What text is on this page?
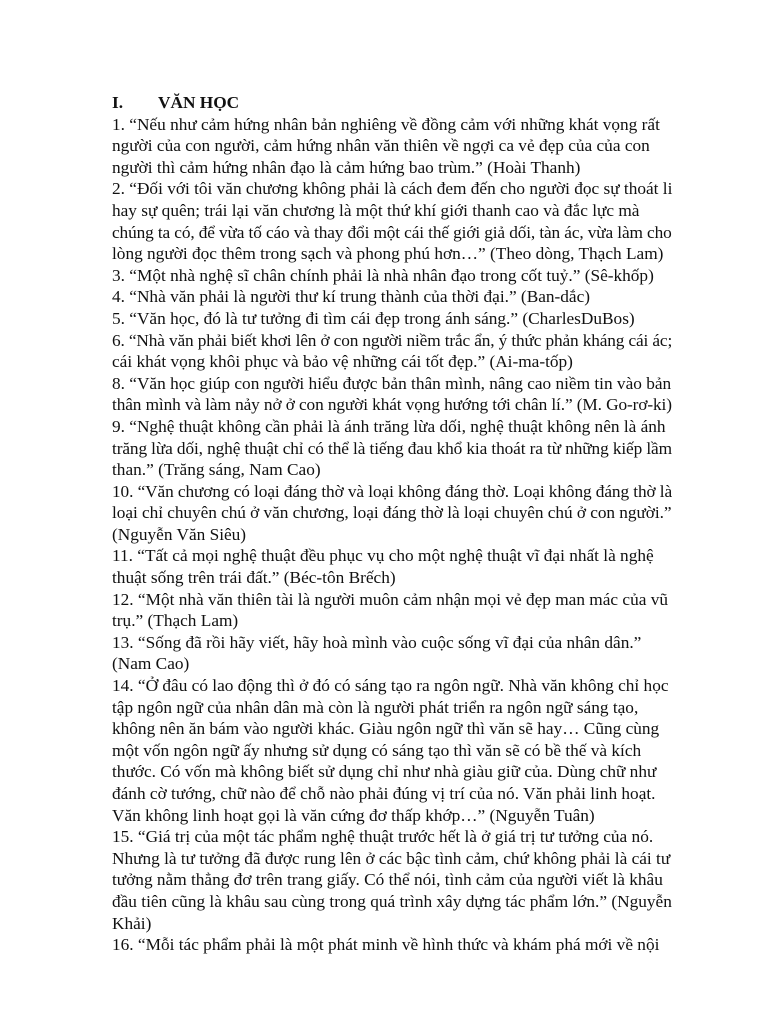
I. VĂN HỌC
1. “Nếu như cảm hứng nhân bản nghiêng về đồng cảm với những khát vọng rất
người của con người, cảm hứng nhân văn thiên về ngợi ca vẻ đẹp của của con
người thì cảm hứng nhân đạo là cảm hứng bao trùm.” (Hoài Thanh)
2. “Đối với tôi văn chương không phải là cách đem đến cho người đọc sự thoát li
hay sự quên; trái lại văn chương là một thứ khí giới thanh cao và đắc lực mà
chúng ta có, để vừa tố cáo và thay đổi một cái thế giới giả dối, tàn ác, vừa làm cho
lòng người đọc thêm trong sạch và phong phú hơn…” (Theo dòng, Thạch Lam)
3. “Một nhà nghệ sĩ chân chính phải là nhà nhân đạo trong cốt tuỷ.” (Sê-khốp)
4. “Nhà văn phải là người thư kí trung thành của thời đại.” (Ban-dắc)
5. “Văn học, đó là tư tưởng đi tìm cái đẹp trong ánh sáng.” (CharlesDuBos)
6. “Nhà văn phải biết khơi lên ở con người niềm trắc ẩn, ý thức phản kháng cái ác;
cái khát vọng khôi phục và bảo vệ những cái tốt đẹp.” (Ai-ma-tốp)
8. “Văn học giúp con người hiểu được bản thân mình, nâng cao niềm tin vào bản
thân mình và làm nảy nở ở con người khát vọng hướng tới chân lí.” (M. Go-rơ-ki)
9. “Nghệ thuật không cần phải là ánh trăng lừa dối, nghệ thuật không nên là ánh
trăng lừa dối, nghệ thuật chỉ có thể là tiếng đau khổ kia thoát ra từ những kiếp lầm
than.” (Trăng sáng, Nam Cao)
10. “Văn chương có loại đáng thờ và loại không đáng thờ. Loại không đáng thờ là
loại chỉ chuyên chú ở văn chương, loại đáng thờ là loại chuyên chú ở con người.”
(Nguyễn Văn Siêu)
11. “Tất cả mọi nghệ thuật đều phục vụ cho một nghệ thuật vĩ đại nhất là nghệ
thuật sống trên trái đất.” (Béc-tôn Brếch)
12. “Một nhà văn thiên tài là người muôn cảm nhận mọi vẻ đẹp man mác của vũ
trụ.” (Thạch Lam)
13. “Sống đã rồi hãy viết, hãy hoà mình vào cuộc sống vĩ đại của nhân dân.”
(Nam Cao)
14. “Ở đâu có lao động thì ở đó có sáng tạo ra ngôn ngữ. Nhà văn không chỉ học
tập ngôn ngữ của nhân dân mà còn là người phát triển ra ngôn ngữ sáng tạo,
không nên ăn bám vào người khác. Giàu ngôn ngữ thì văn sẽ hay… Cũng cùng
một vốn ngôn ngữ ấy nhưng sử dụng có sáng tạo thì văn sẽ có bề thế và kích
thước. Có vốn mà không biết sử dụng chỉ như nhà giàu giữ của. Dùng chữ như
đánh cờ tướng, chữ nào để chỗ nào phải đúng vị trí của nó. Văn phải linh hoạt.
Văn không linh hoạt gọi là văn cứng đơ thấp khớp…” (Nguyễn Tuân)
15. “Giá trị của một tác phẩm nghệ thuật trước hết là ở giá trị tư tưởng của nó.
Nhưng là tư tưởng đã được rung lên ở các bậc tình cảm, chứ không phải là cái tư
tưởng nằm thẳng đơ trên trang giấy. Có thể nói, tình cảm của người viết là khâu
đầu tiên cũng là khâu sau cùng trong quá trình xây dựng tác phẩm lớn.” (Nguyễn
Khải)
16. “Mỗi tác phẩm phải là một phát minh về hình thức và khám phá mới về nội
